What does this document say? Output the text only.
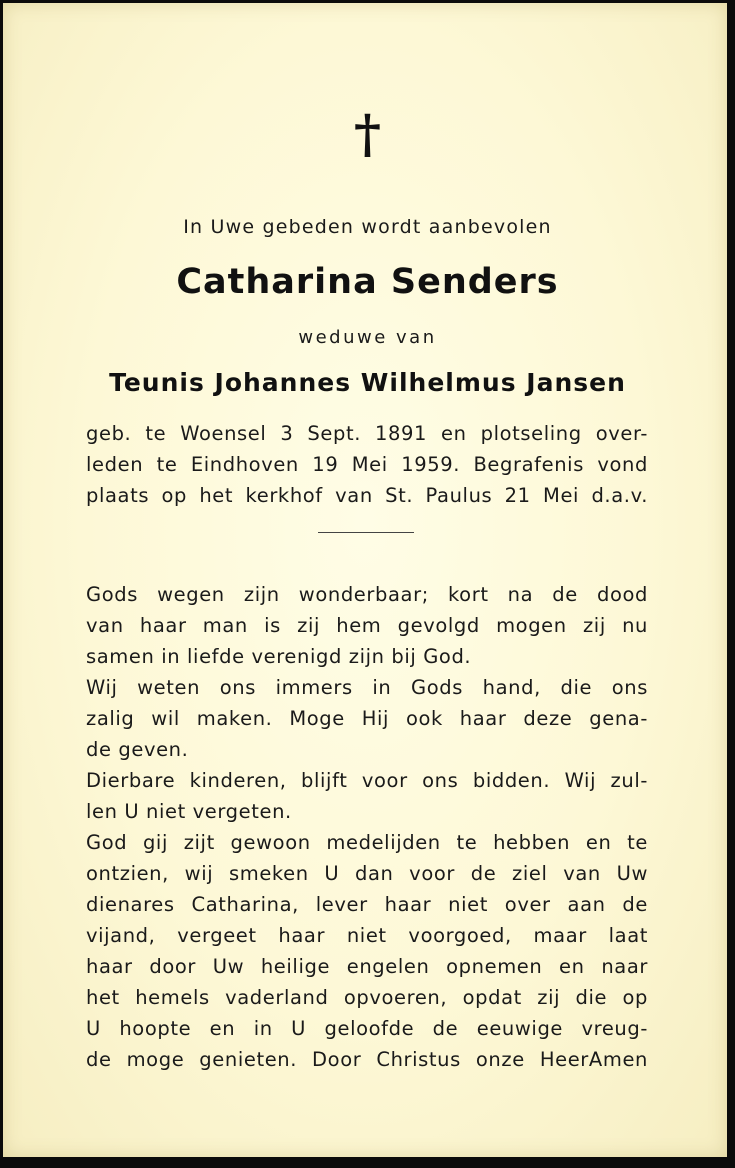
†
In Uwe gebeden wordt aanbevolen
Catharina Senders
weduwe van
Teunis Johannes Wilhelmus Jansen
geb. te Woensel 3 Sept. 1891 en plotseling over-
leden te Eindhoven 19 Mei 1959. Begrafenis vond
plaats op het kerkhof van St. Paulus 21 Mei d.a.v.
Gods wegen zijn wonderbaar; kort na de dood
van haar man is zij hem gevolgd mogen zij nu
samen in liefde verenigd zijn bij God.
Wij weten ons immers in Gods hand, die ons
zalig wil maken. Moge Hij ook haar deze gena-
de geven.
Dierbare kinderen, blijft voor ons bidden. Wij zul-
len U niet vergeten.
God gij zijt gewoon medelijden te hebben en te
ontzien, wij smeken U dan voor de ziel van Uw
dienares Catharina, lever haar niet over aan de
vijand, vergeet haar niet voorgoed, maar laat
haar door Uw heilige engelen opnemen en naar
het hemels vaderland opvoeren, opdat zij die op
U hoopte en in U geloofde de eeuwige vreug-
de moge genieten. Door Christus onze HeerAmen
